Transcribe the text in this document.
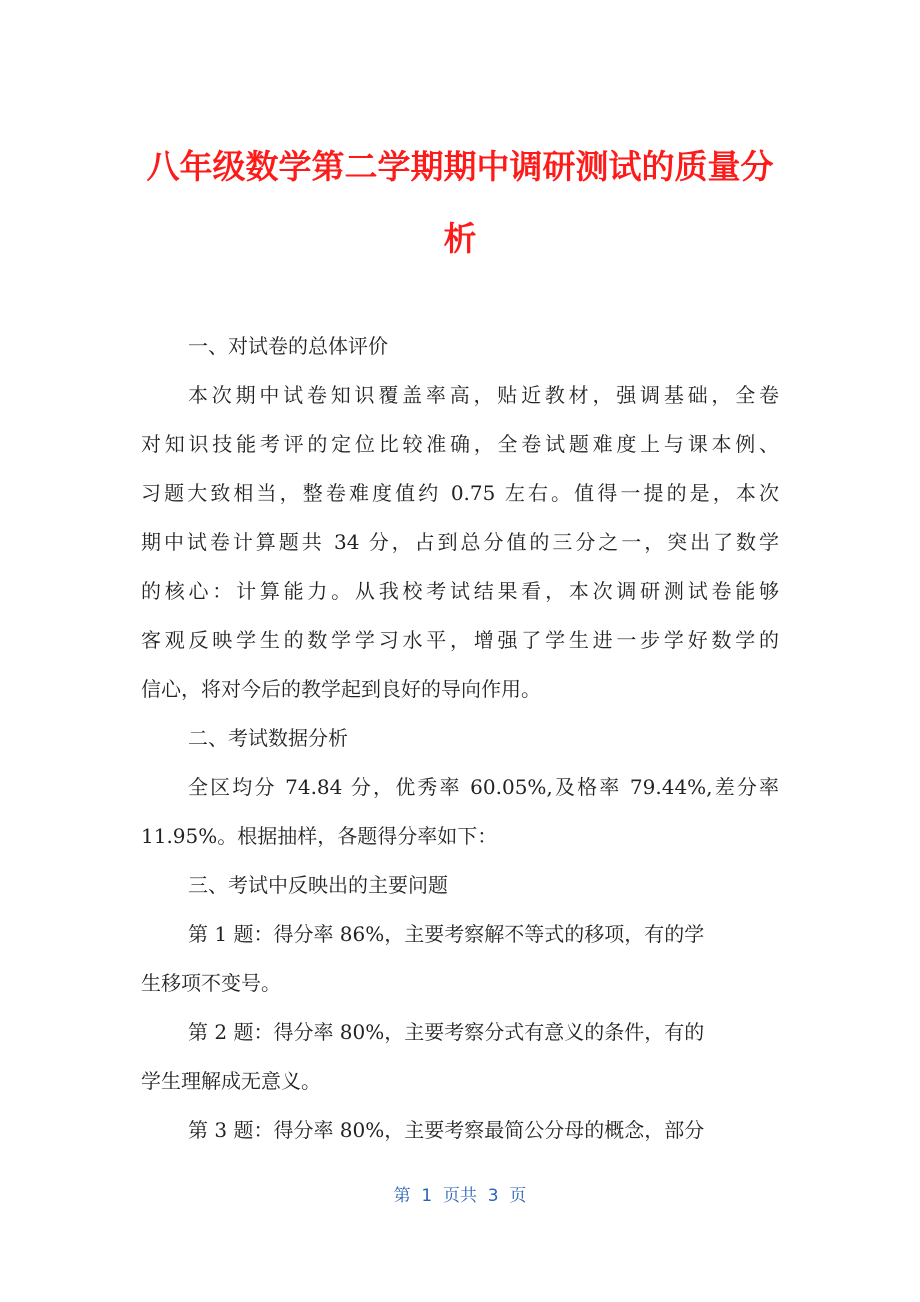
八年级数学第二学期期中调研测试的质量分
析
一、对试卷的总体评价
本次期中试卷知识覆盖率高，贴近教材，强调基础，全卷
对知识技能考评的定位比较准确，全卷试题难度上与课本例、
习题大致相当，整卷难度值约 0.75 左右。值得一提的是，本次
期中试卷计算题共 34 分，占到总分值的三分之一，突出了数学
的核心：计算能力。从我校考试结果看，本次调研测试卷能够
客观反映学生的数学学习水平，增强了学生进一步学好数学的
信心，将对今后的教学起到良好的导向作用。
二、考试数据分析
全区均分 74.84 分，优秀率 60.05%,及格率 79.44%,差分率
11.95%。根据抽样，各题得分率如下：
三、考试中反映出的主要问题
第 1 题：得分率 86%，主要考察解不等式的移项，有的学
生移项不变号。
第 2 题：得分率 80%，主要考察分式有意义的条件，有的
学生理解成无意义。
第 3 题：得分率 80%，主要考察最简公分母的概念，部分
第  1  页共  3  页
